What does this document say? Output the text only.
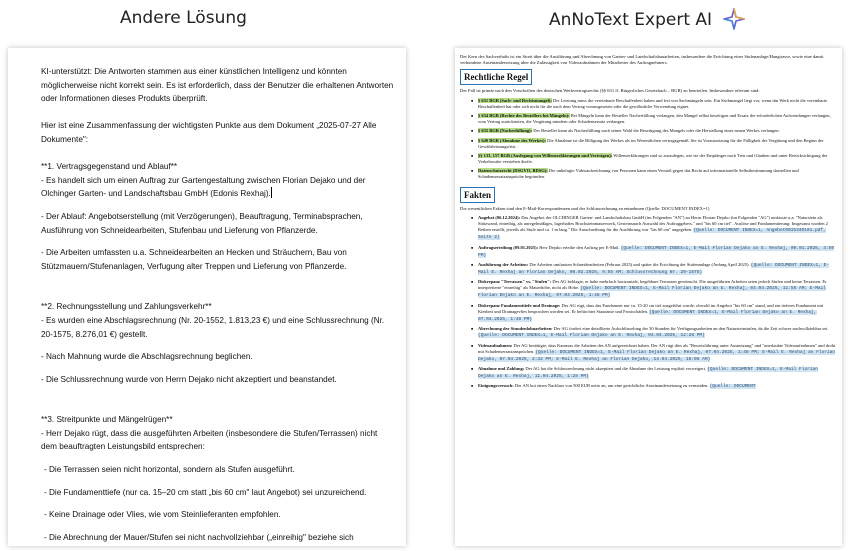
Andere Lösung	AnNoText Expert AI

KI-unterstützt: Die Antworten stammen aus einer künstlichen Intelligenz und könnten möglicherweise nicht korrekt sein. Es ist erforderlich, dass der Benutzer die erhaltenen Antworten oder Informationen dieses Produkts überprüft.

Hier ist eine Zusammenfassung der wichtigsten Punkte aus dem Dokument „2025-07-27 Alle Dokumente":

**1. Vertragsgegenstand und Ablauf**

- Es handelt sich um einen Auftrag zur Gartengestaltung zwischen Florian Dejako und der Olchinger Garten- und Landschaftsbau GmbH (Edonis Rexhaj).

- Der Ablauf: Angebotserstellung (mit Verzögerungen), Beauftragung, Terminabsprachen, Ausführung von Schneidearbeiten, Stufenbau und Lieferung von Pflanzerde.

- Die Arbeiten umfassten u.a. Schneidearbeiten an Hecken und Sträuchern, Bau von Stützmauern/Stufenanlagen, Verfugung alter Treppen und Lieferung von Pflanzerde.

**2. Rechnungsstellung und Zahlungsverkehr**

- Es wurden eine Abschlagsrechnung (Nr. 20-1552, 1.813,23 €) und eine Schlussrechnung (Nr. 20-1575, 8.276,01 €) gestellt.

- Nach Mahnung wurde die Abschlagsrechnung beglichen.

- Die Schlussrechnung wurde von Herrn Dejako nicht akzeptiert und beanstandet.

**3. Streitpunkte und Mängelrügen**

- Herr Dejako rügt, dass die ausgeführten Arbeiten (insbesondere die Stufen/Terrassen) nicht dem beauftragten Leistungsbild entsprechen:

- Die Terrassen seien nicht horizontal, sondern als Stufen ausgeführt.

- Die Fundamenttiefe (nur ca. 15–20 cm statt „bis 60 cm" laut Angebot) sei unzureichend.

- Keine Drainage oder Vlies, wie vom Steinlieferanten empfohlen.

- Die Abrechnung der Mauer/Stufen sei nicht nachvollziehbar („einreihig" beziehe sich

Der Kern des Sachverhalts ist ein Streit über die Ausführung und Abrechnung von Garten- und Landschaftsbauarbeiten, insbesondere die Errichtung einer Stufenanlage/Hangtrasse, sowie eine damit verbundene Auseinandersetzung über die Zulässigkeit von Videoaufnahmen der Mitarbeiter des Auftragnehmers.

Rechtliche Regel

Der Fall ist primär nach den Vorschriften des deutschen Werkvertragsrechts (§§ 631 ff. Bürgerliches Gesetzbuch – BGB) zu beurteilen. Insbesondere relevant sind:

■ § 631 BGB (Sach- und Rechtsmangel): Die Leistung muss die vereinbarte Beschaffenheit haben und frei von Sachmängeln sein. Ein Sachmangel liegt vor, wenn das Werk nicht die vereinbarte Beschaffenheit hat oder sich nicht für die nach dem Vertrag vorausgesetzte oder die gewöhnliche Verwendung eignet.
■ § 634 BGB (Rechte des Bestellers bei Mängeln): Bei Mängeln kann der Besteller Nacherfüllung verlangen, den Mangel selbst beseitigen und Ersatz der erforderlichen Aufwendungen verlangen, vom Vertrag zurücktreten, die Vergütung mindern oder Schadensersatz verlangen.
■ § 635 BGB (Nacherfüllung): Der Besteller kann als Nacherfüllung nach seiner Wahl die Beseitigung des Mangels oder die Herstellung eines neuen Werkes verlangen.
■ § 640 BGB (Abnahme des Werkes): Die Abnahme ist die Billigung des Werkes als im Wesentlichen vertragsgemäß. Sie ist Voraussetzung für die Fälligkeit der Vergütung und den Beginn der Gewährleistungsfrist.
■ §§ 133, 157 BGB (Auslegung von Willenserklärungen und Verträgen): Willenserklärungen sind so auszulegen, wie sie der Empfänger nach Treu und Glauben und unter Berücksichtigung der Verkehrssitte verstehen durfte.
■ Datenschutzrecht (DSGVO, BDSG): Die unbefugte Videoaufzeichnung von Personen kann einen Verstoß gegen das Recht auf informationelle Selbstbestimmung darstellen und Schadensersatzansprüche begründen.
Fakten

Die wesentlichen Fakten sind den E-Mail-Korrespondenzen und der Schlussrechnung zu entnehmen (Quelle: DOCUMENT INDEX=1)

■ Angebot (06.12.2024): Das Angebot der OLCHINGER Garten- und Landschaftsbau GmbH (im Folgenden "AN") an Herrn Florian Dejako (im Folgenden "AG") umfasste u.a. "Naturstein als Stützwand, einreihig, als unregelmäßiges, lagerhaftes Bruchsteinmauerwerk, Gesteinsnach Auswahl des Auftraggebers." und "bis 60 cm tief". Auslöse und Fundamentierung: Insgesamt wurden 2 Reihen erstellt, jeweils als Stufe und ca. 1 m lang." Die Ausschreibung für die Ausführung war "bis 60 cm" angegeben. (Quelle: DOCUMENT INDEX=1, Angebot0015340101.pdf, Seite 2)
■ Auftragserteilung (09.01.2025): Herr Dejako erteilte den Auftrag per E-Mail. (Quelle: DOCUMENT INDEX=1, E-Mail Florian Dejako an E. Rexhaj, 09.01.2025, 3:50 PM)
■ Ausführung der Arbeiten: Die Arbeiten umfassten Schneidearbeiten (Februar 2025) und später die Errichtung der Stufenanlage (Anfang April 2025). (Quelle: DOCUMENT INDEX=1, E-Mail E. Rexhaj an Florian Dejako, 06.02.2025, 9:55 AM; Schlussrechnung Nr. 20-1575)
■ Diskrepanz "Terrassen" vs. "Stufen": Der AG beklagte, er habe mehrfach horizontale, begehbare Terrassen gewünscht. Die ausgeführten Arbeiten seien jedoch Stufen und keine Terrassen. Er interpretierte "einreihig" als Mauerhöhe, nicht als Höhe. (Quelle: DOCUMENT INDEX=1, E-Mail Florian Dejako an E. Rexhaj, 04.04.2025, 11:55 AM; E-Mail Florian Dejako an E. Rexhaj, 07.04.2025, 1:48 PM)
■ Diskrepanz Fundamenttiefe und Drainage: Der AG rügt, dass das Fundament nur ca. 15-20 cm tief ausgeführt wurde, obwohl im Angebot "bis 60 cm" stand, und ein tieferes Fundament mit Kiesbett und Drainagevlies besprochen worden sei. Er befürchtet Staunässe und Frostschäden. (Quelle: DOCUMENT INDEX=1, E-Mail Florian Dejako an E. Rexhaj, 07.04.2025, 1:48 PM)
■ Abrechnung der Stundenlohnarbeiten: Der AG fordert eine detaillierte Aufschlüsselung der 30 Stunden für Verfügungsarbeiten an den Natursteinstufen, da die Zeit schwer nachvollziehbar sei. (Quelle: DOCUMENT INDEX=1, E-Mail Florian Dejako an E. Rexhaj, 04.04.2025, 12:28 PM)
■ Videoaufnahmen: Der AG bestätigte, dass Kameras die Arbeiten des AN aufgezeichnet haben. Der AN rügt dies als "Beweisführung unter Ausnutzung" und "unerlaubte Videoaufnahmen" und droht mit Schadensersatzansprüchen. (Quelle: DOCUMENT INDEX=1, E-Mail Florian Dejako an E. Rexhaj, 07.04.2025, 1:48 PM; E-Mail E. Rexhaj an Florian Dejako, 07.04.2025, 2:32 PM; E-Mail E. Rexhaj an Florian Dejako, 14.04.2025, 10:05 AM)
■ Abnahme und Zahlung: Der AG hat die Schlussrechnung nicht akzeptiert und die Abnahme der Leistung explizit verweigert. (Quelle: DOCUMENT INDEX=1, E-Mail Florian Dejako an E. Rexhaj, 11.04.2025, 1:28 PM)
■ Einigungsversuch: Der AN bot einen Nachlass von 500 EUR netto an, um eine gerichtliche Auseinandersetzung zu vermeiden. (Quelle: DOCUMENT
